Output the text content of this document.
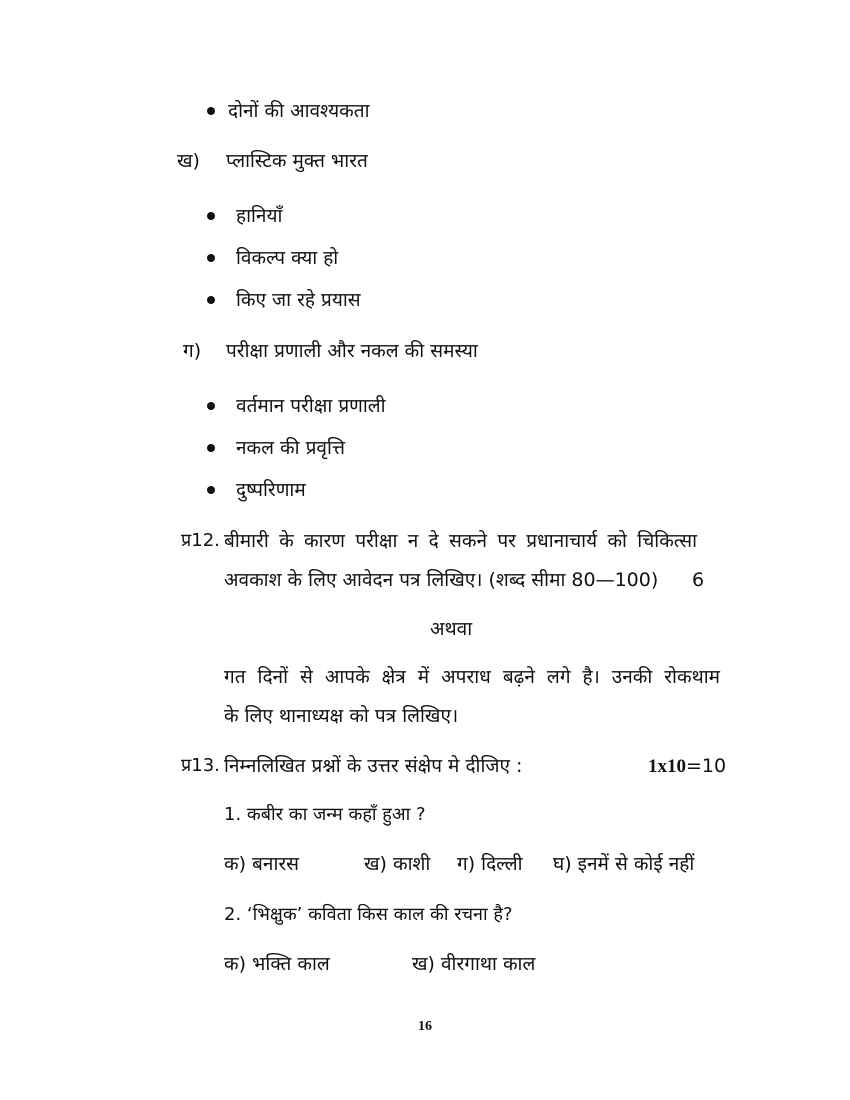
दोनों की आवश्यकता
ख) प्लास्टिक मुक्त भारत
हानियाँ
विकल्प क्या हो
किए जा रहे प्रयास
ग) परीक्षा प्रणाली और नकल की समस्या
वर्तमान परीक्षा प्रणाली
नकल की प्रवृत्ति
दुष्परिणाम
प्र12. बीमारी के कारण परीक्षा न दे सकने पर प्रधानाचार्य को चिकित्सा
अवकाश के लिए आवेदन पत्र लिखिए। (शब्द सीमा 80—100) 6
अथवा
गत दिनों से आपके क्षेत्र में अपराध बढ़ने लगे है। उनकी रोकथाम
के लिए थानाध्यक्ष को पत्र लिखिए।
प्र13. निम्नलिखित प्रश्नों के उत्तर संक्षेप मे दीजिए :	1x10=10
1. कबीर का जन्म कहाँ हुआ ?
क) बनारस	ख) काशी ग) दिल्ली घ) इनमें से कोई नहीं
2. ‘भिक्षुक’ कविता किस काल की रचना है?
क) भक्ति काल	ख) वीरगाथा काल
16
